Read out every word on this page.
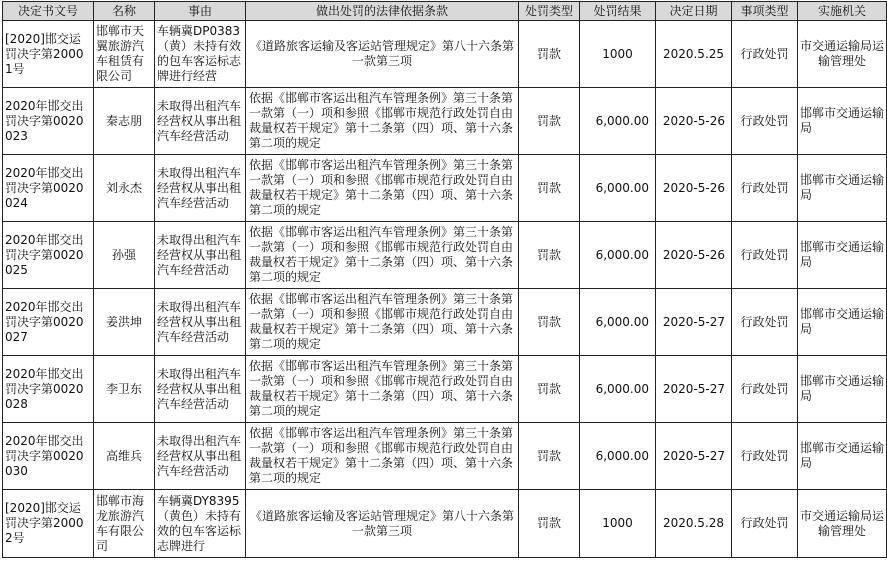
决定书文号	名称	事由	做出处罚的法律依据条款	处罚类型	处罚结果	决定日期	事项类型	实施机关
[2020]邯交运罚决字第20001号	邯郸市天翼旅游汽车租赁有限公司	车辆冀DP0383（黄）未持有效的包车客运标志牌进行经营	《道路旅客运输及客运站管理规定》第八十六条第一款第三项	罚款	1000	2020.5.25	行政处罚	市交通运输局运输管理处
2020年邯交出罚决字第0020023	秦志朋	未取得出租汽车经营权从事出租汽车经营活动	依据《邯郸市客运出租汽车管理条例》第三十条第一款第（一）项和参照《邯郸市规范行政处罚自由裁量权若干规定》第十二条第（四）项、第十六条第二项的规定	罚款	6,000.00	2020-5-26	行政处罚	邯郸市交通运输局
2020年邯交出罚决字第0020024	刘永杰	未取得出租汽车经营权从事出租汽车经营活动	依据《邯郸市客运出租汽车管理条例》第三十条第一款第（一）项和参照《邯郸市规范行政处罚自由裁量权若干规定》第十二条第（四）项、第十六条第二项的规定	罚款	6,000.00	2020-5-26	行政处罚	邯郸市交通运输局
2020年邯交出罚决字第0020025	孙强	未取得出租汽车经营权从事出租汽车经营活动	依据《邯郸市客运出租汽车管理条例》第三十条第一款第（一）项和参照《邯郸市规范行政处罚自由裁量权若干规定》第十二条第（四）项、第十六条第二项的规定	罚款	6,000.00	2020-5-26	行政处罚	邯郸市交通运输局
2020年邯交出罚决字第0020027	姜洪坤	未取得出租汽车经营权从事出租汽车经营活动	依据《邯郸市客运出租汽车管理条例》第三十条第一款第（一）项和参照《邯郸市规范行政处罚自由裁量权若干规定》第十二条第（四）项、第十六条第二项的规定	罚款	6,000.00	2020-5-27	行政处罚	邯郸市交通运输局
2020年邯交出罚决字第0020028	李卫东	未取得出租汽车经营权从事出租汽车经营活动	依据《邯郸市客运出租汽车管理条例》第三十条第一款第（一）项和参照《邯郸市规范行政处罚自由裁量权若干规定》第十二条第（四）项、第十六条第二项的规定	罚款	6,000.00	2020-5-27	行政处罚	邯郸市交通运输局
2020年邯交出罚决字第0020030	高维兵	未取得出租汽车经营权从事出租汽车经营活动	依据《邯郸市客运出租汽车管理条例》第三十条第一款第（一）项和参照《邯郸市规范行政处罚自由裁量权若干规定》第十二条第（四）项、第十六条第二项的规定	罚款	6,000.00	2020-5-27	行政处罚	邯郸市交通运输局
[2020]邯交运罚决字第20002号	邯郸市海龙旅游汽车有限公司	车辆冀DY8395（黄色）未持有效的包车客运标志牌进行	《道路旅客运输及客运站管理规定》第八十六条第一款第三项	罚款	1000	2020.5.28	行政处罚	市交通运输局运输管理处
